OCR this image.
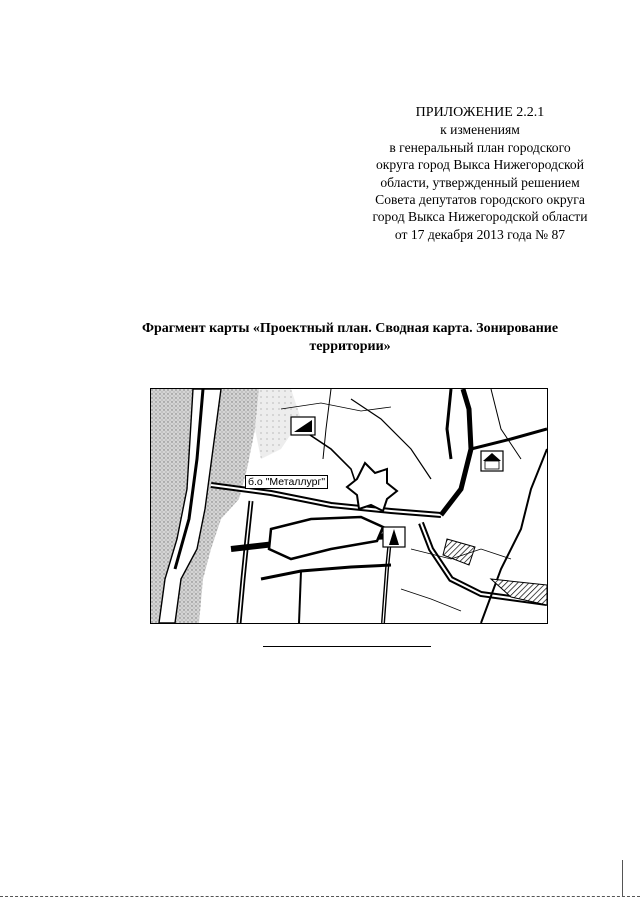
ПРИЛОЖЕНИЕ 2.2.1
к изменениям
в генеральный план городского
округа город Выкса Нижегородской
области, утвержденный решением
Совета депутатов городского округа
город Выкса Нижегородской области
от 17 декабря 2013 года № 87
Фрагмент карты «Проектный план. Сводная карта. Зонирование
территории»
б.о "Металлург"
